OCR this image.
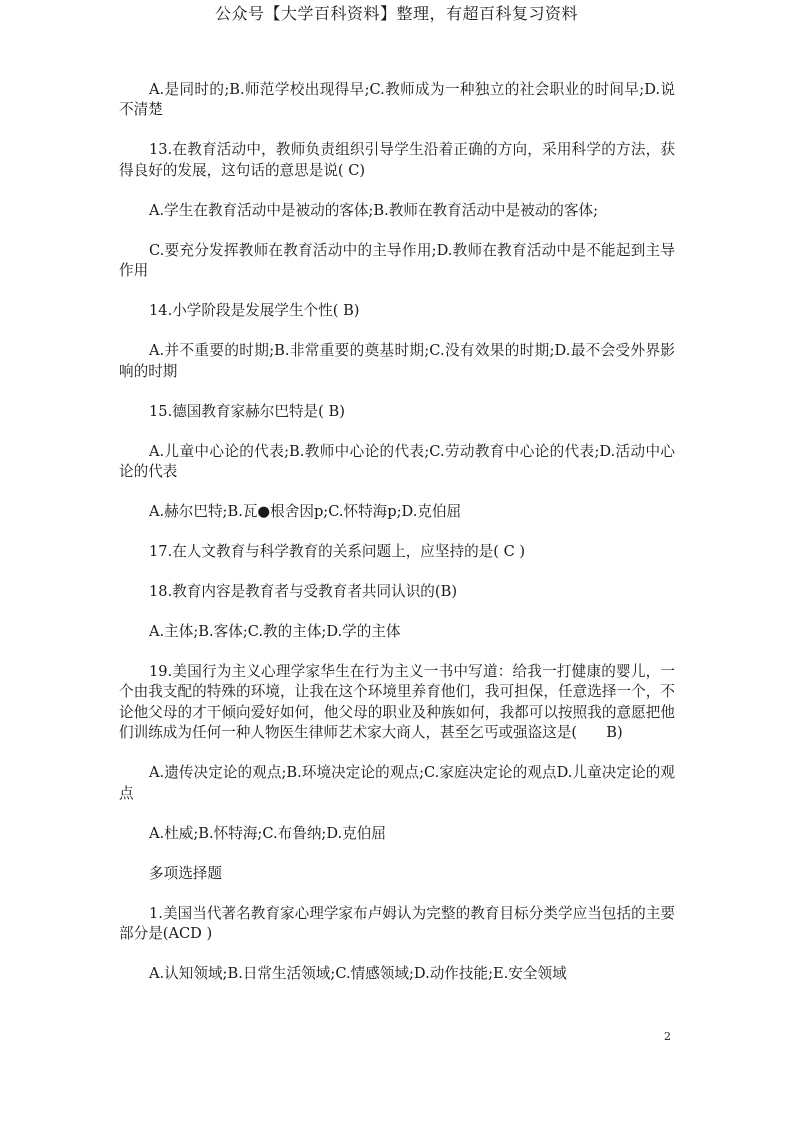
公众号【大学百科资料】整理，有超百科复习资料

A.是同时的;B.师范学校出现得早;C.教师成为一种独立的社会职业的时间早;D.说不清楚

13.在教育活动中，教师负责组织引导学生沿着正确的方向，采用科学的方法，获得良好的发展，这句话的意思是说( C)

A.学生在教育活动中是被动的客体;B.教师在教育活动中是被动的客体;

C.要充分发挥教师在教育活动中的主导作用;D.教师在教育活动中是不能起到主导作用

14.小学阶段是发展学生个性( B)

A.并不重要的时期;B.非常重要的奠基时期;C.没有效果的时期;D.最不会受外界影响的时期

15.德国教育家赫尔巴特是( B)

A.儿童中心论的代表;B.教师中心论的代表;C.劳动教育中心论的代表;D.活动中心论的代表

A.赫尔巴特;B.瓦●根舍因p;C.怀特海p;D.克伯屈

17.在人文教育与科学教育的关系问题上，应坚持的是( C )

18.教育内容是教育者与受教育者共同认识的(B)

A.主体;B.客体;C.教的主体;D.学的主体

19.美国行为主义心理学家华生在行为主义一书中写道：给我一打健康的婴儿，一个由我支配的特殊的环境，让我在这个环境里养育他们，我可担保，任意选择一个，不论他父母的才干倾向爱好如何，他父母的职业及种族如何，我都可以按照我的意愿把他们训练成为任何一种人物医生律师艺术家大商人，甚至乞丐或强盗这是(　　B)

A.遗传决定论的观点;B.环境决定论的观点;C.家庭决定论的观点D.儿童决定论的观点

A.杜威;B.怀特海;C.布鲁纳;D.克伯屈

多项选择题

1.美国当代著名教育家心理学家布卢姆认为完整的教育目标分类学应当包括的主要部分是(ACD )

A.认知领域;B.日常生活领域;C.情感领域;D.动作技能;E.安全领域

2
